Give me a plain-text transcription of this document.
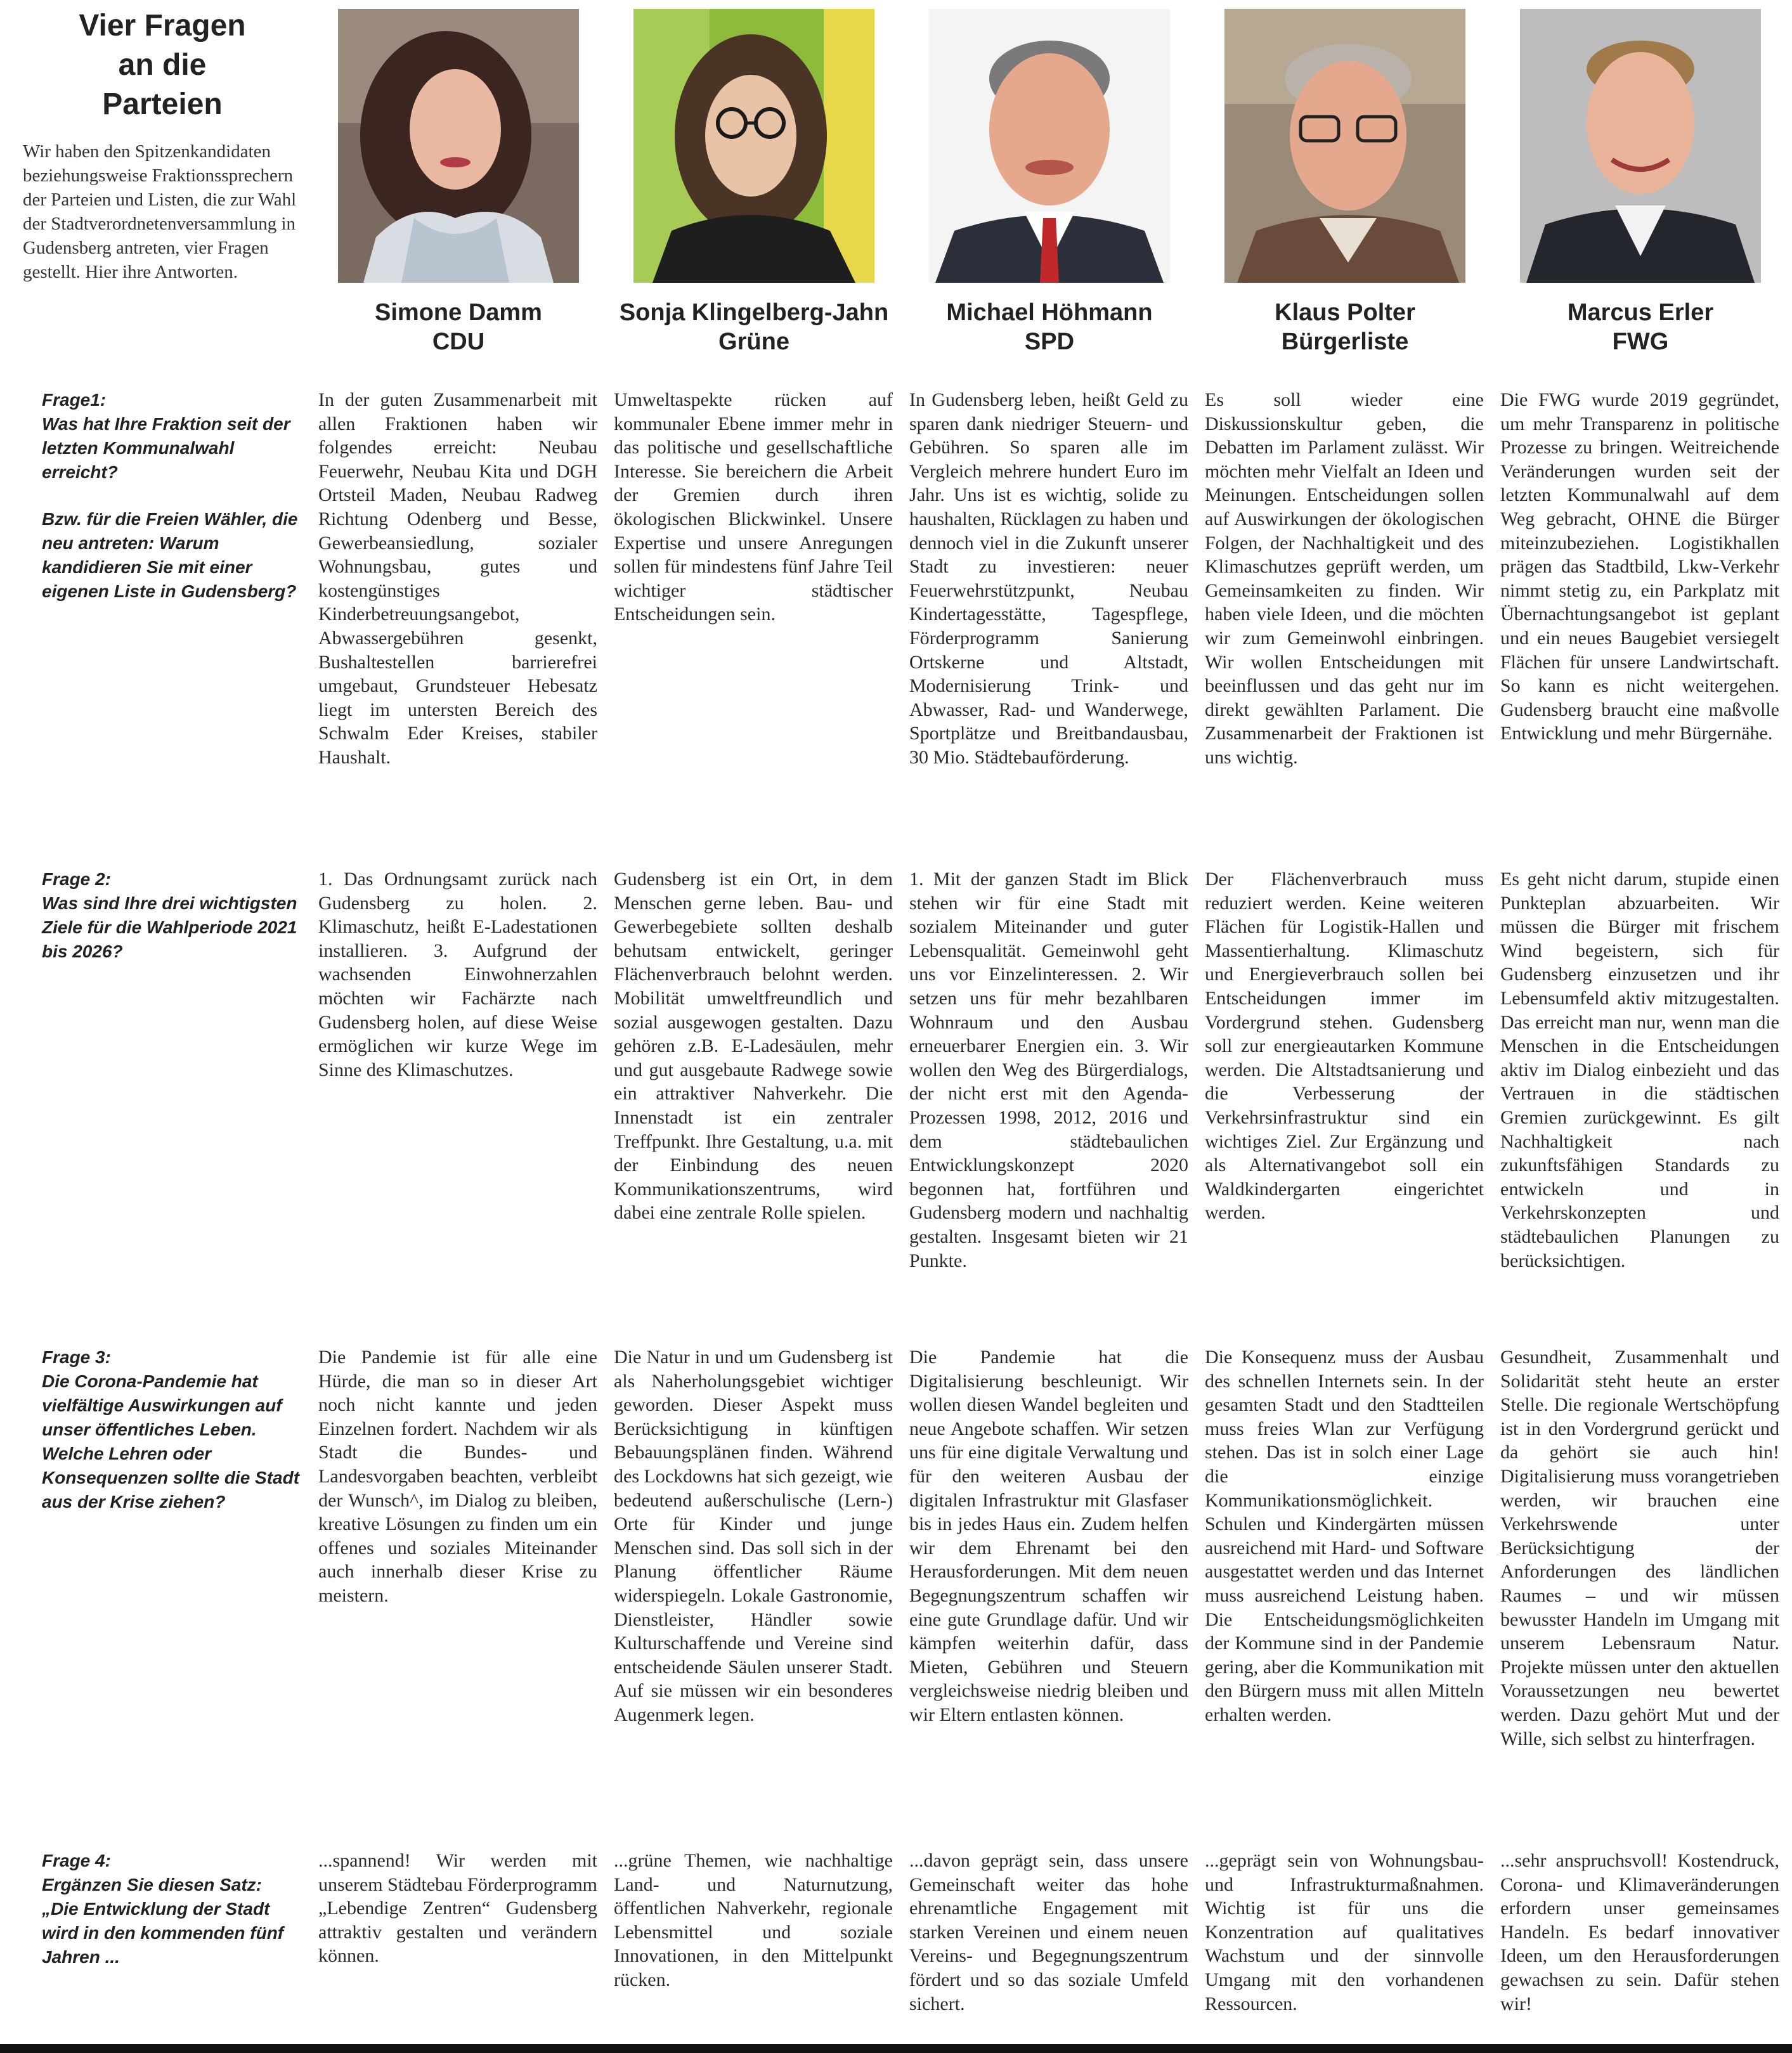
Vier Fragen
an die
Parteien

Wir haben den Spitzenkandidaten beziehungsweise Fraktionssprechern der Parteien und Listen, die zur Wahl der Stadtverordnetenversammlung in Gudensberg antreten, vier Fragen gestellt. Hier ihre Antworten.

Simone Damm
CDU
Sonja Klingelberg-Jahn
Grüne
Michael Höhmann
SPD
Klaus Polter
Bürgerliste
Marcus Erler
FWG
Frage1:
Was hat Ihre Fraktion seit der letzten Kommunalwahl erreicht?
Bzw. für die Freien Wähler, die neu antreten: Warum kandidieren Sie mit einer eigenen Liste in Gudensberg?
In der guten Zusammenarbeit mit allen Fraktionen haben wir folgendes erreicht: Neubau Feuerwehr, Neubau Kita und DGH Ortsteil Maden, Neubau Radweg Richtung Odenberg und Besse, Gewerbeansiedlung, sozialer Wohnungsbau, gutes und kostengünstiges Kinderbetreuungsangebot, Abwassergebühren gesenkt, Bushaltestellen barrierefrei umgebaut, Grundsteuer Hebesatz liegt im untersten Bereich des Schwalm Eder Kreises, stabiler Haushalt.
Umweltaspekte rücken auf kommunaler Ebene immer mehr in das politische und gesellschaftliche Interesse. Sie bereichern die Arbeit der Gremien durch ihren ökologischen Blickwinkel. Unsere Expertise und unsere Anregungen sollen für mindestens fünf Jahre Teil wichtiger städtischer Entscheidungen sein.
In Gudensberg leben, heißt Geld zu sparen dank niedriger Steuern- und Gebühren. So sparen alle im Vergleich mehrere hundert Euro im Jahr. Uns ist es wichtig, solide zu haushalten, Rücklagen zu haben und dennoch viel in die Zukunft unserer Stadt zu investieren: neuer Feuerwehrstützpunkt, Neubau Kindertagesstätte, Tagespflege, Förderprogramm Sanierung Ortskerne und Altstadt, Modernisierung Trink- und Abwasser, Rad- und Wanderwege, Sportplätze und Breitbandausbau, 30 Mio. Städtebauförderung.
Es soll wieder eine Diskussionskultur geben, die Debatten im Parlament zulässt. Wir möchten mehr Vielfalt an Ideen und Meinungen. Entscheidungen sollen auf Auswirkungen der ökologischen Folgen, der Nachhaltigkeit und des Klimaschutzes geprüft werden, um Gemeinsamkeiten zu finden. Wir haben viele Ideen, und die möchten wir zum Gemeinwohl einbringen. Wir wollen Entscheidungen mit beeinflussen und das geht nur im direkt gewählten Parlament. Die Zusammenarbeit der Fraktionen ist uns wichtig.
Die FWG wurde 2019 gegründet, um mehr Transparenz in politische Prozesse zu bringen. Weitreichende Veränderungen wurden seit der letzten Kommunalwahl auf dem Weg gebracht, OHNE die Bürger miteinzubeziehen. Logistikhallen prägen das Stadtbild, Lkw-Verkehr nimmt stetig zu, ein Parkplatz mit Übernachtungsangebot ist geplant und ein neues Baugebiet versiegelt Flächen für unsere Landwirtschaft. So kann es nicht weitergehen. Gudensberg braucht eine maßvolle Entwicklung und mehr Bürgernähe.
Frage 2:
Was sind Ihre drei wichtigsten Ziele für die Wahlperiode 2021 bis 2026?
1. Das Ordnungsamt zurück nach Gudensberg zu holen. 2. Klimaschutz, heißt E-Ladestationen installieren. 3. Aufgrund der wachsenden Einwohnerzahlen möchten wir Fachärzte nach Gudensberg holen, auf diese Weise ermöglichen wir kurze Wege im Sinne des Klimaschutzes.
Gudensberg ist ein Ort, in dem Menschen gerne leben. Bau- und Gewerbegebiete sollten deshalb behutsam entwickelt, geringer Flächenverbrauch belohnt werden. Mobilität umweltfreundlich und sozial ausgewogen gestalten. Dazu gehören z.B. E-Ladesäulen, mehr und gut ausgebaute Radwege sowie ein attraktiver Nahverkehr. Die Innenstadt ist ein zentraler Treffpunkt. Ihre Gestaltung, u.a. mit der Einbindung des neuen Kommunikationszentrums, wird dabei eine zentrale Rolle spielen.
1. Mit der ganzen Stadt im Blick stehen wir für eine Stadt mit sozialem Miteinander und guter Lebensqualität. Gemeinwohl geht uns vor Einzelinteressen. 2. Wir setzen uns für mehr bezahlbaren Wohnraum und den Ausbau erneuerbarer Energien ein. 3. Wir wollen den Weg des Bürgerdialogs, der nicht erst mit den Agenda-Prozessen 1998, 2012, 2016 und dem städtebaulichen Entwicklungskonzept 2020 begonnen hat, fortführen und Gudensberg modern und nachhaltig gestalten. Insgesamt bieten wir 21 Punkte.
Der Flächenverbrauch muss reduziert werden. Keine weiteren Flächen für Logistik-Hallen und Massentierhaltung. Klimaschutz und Energieverbrauch sollen bei Entscheidungen immer im Vordergrund stehen. Gudensberg soll zur energieautarken Kommune werden. Die Altstadtsanierung und die Verbesserung der Verkehrsinfrastruktur sind ein wichtiges Ziel. Zur Ergänzung und als Alternativangebot soll ein Waldkindergarten eingerichtet werden.
Es geht nicht darum, stupide einen Punkteplan abzuarbeiten. Wir müssen die Bürger mit frischem Wind begeistern, sich für Gudensberg einzusetzen und ihr Lebensumfeld aktiv mitzugestalten. Das erreicht man nur, wenn man die Menschen in die Entscheidungen aktiv im Dialog einbezieht und das Vertrauen in die städtischen Gremien zurückgewinnt. Es gilt Nachhaltigkeit nach zukunftsfähigen Standards zu entwickeln und in Verkehrskonzepten und städtebaulichen Planungen zu berücksichtigen.
Frage 3:
Die Corona-Pandemie hat vielfältige Auswirkungen auf unser öffentliches Leben. Welche Lehren oder Konsequenzen sollte die Stadt aus der Krise ziehen?
Die Pandemie ist für alle eine Hürde, die man so in dieser Art noch nicht kannte und jeden Einzelnen fordert. Nachdem wir als Stadt die Bundes- und Landesvorgaben beachten, verbleibt der Wunsch^, im Dialog zu bleiben, kreative Lösungen zu finden um ein offenes und soziales Miteinander auch innerhalb dieser Krise zu meistern.
Die Natur in und um Gudensberg ist als Naherholungsgebiet wichtiger geworden. Dieser Aspekt muss Berücksichtigung in künftigen Bebauungsplänen finden. Während des Lockdowns hat sich gezeigt, wie bedeutend außerschulische (Lern-) Orte für Kinder und junge Menschen sind. Das soll sich in der Planung öffentlicher Räume widerspiegeln. Lokale Gastronomie, Dienstleister, Händler sowie Kulturschaffende und Vereine sind entscheidende Säulen unserer Stadt. Auf sie müssen wir ein besonderes Augenmerk legen.
Die Pandemie hat die Digitalisierung beschleunigt. Wir wollen diesen Wandel begleiten und neue Angebote schaffen. Wir setzen uns für eine digitale Verwaltung und für den weiteren Ausbau der digitalen Infrastruktur mit Glasfaser bis in jedes Haus ein. Zudem helfen wir dem Ehrenamt bei den Herausforderungen. Mit dem neuen Begegnungszentrum schaffen wir eine gute Grundlage dafür. Und wir kämpfen weiterhin dafür, dass Mieten, Gebühren und Steuern vergleichsweise niedrig bleiben und wir Eltern entlasten können.
Die Konsequenz muss der Ausbau des schnellen Internets sein. In der gesamten Stadt und den Stadtteilen muss freies Wlan zur Verfügung stehen. Das ist in solch einer Lage die einzige Kommunikationsmöglichkeit. Schulen und Kindergärten müssen ausreichend mit Hard- und Software ausgestattet werden und das Internet muss ausreichend Leistung haben. Die Entscheidungsmöglichkeiten der Kommune sind in der Pandemie gering, aber die Kommunikation mit den Bürgern muss mit allen Mitteln erhalten werden.
Gesundheit, Zusammenhalt und Solidarität steht heute an erster Stelle. Die regionale Wertschöpfung ist in den Vordergrund gerückt und da gehört sie auch hin! Digitalisierung muss vorangetrieben werden, wir brauchen eine Verkehrswende unter Berücksichtigung der Anforderungen des ländlichen Raumes – und wir müssen bewusster Handeln im Umgang mit unserem Lebensraum Natur. Projekte müssen unter den aktuellen Voraussetzungen neu bewertet werden. Dazu gehört Mut und der Wille, sich selbst zu hinterfragen.
Frage 4:
Ergänzen Sie diesen Satz: „Die Entwicklung der Stadt wird in den kommenden fünf Jahren ...
...spannend! Wir werden mit unserem Städtebau Förderprogramm „Lebendige Zentren“ Gudensberg attraktiv gestalten und verändern können.
...grüne Themen, wie nachhaltige Land- und Naturnutzung, öffentlichen Nahverkehr, regionale Lebensmittel und soziale Innovationen, in den Mittelpunkt rücken.
...davon geprägt sein, dass unsere Gemeinschaft weiter das hohe ehrenamtliche Engagement mit starken Vereinen und einem neuen Vereins- und Begegnungszentrum fördert und so das soziale Umfeld sichert.
...geprägt sein von Wohnungsbau- und Infrastrukturmaßnahmen. Wichtig ist für uns die Konzentration auf qualitatives Wachstum und der sinnvolle Umgang mit den vorhandenen Ressourcen.
...sehr anspruchsvoll! Kostendruck, Corona- und Klimaveränderungen erfordern unser gemeinsames Handeln. Es bedarf innovativer Ideen, um den Herausforderungen gewachsen zu sein. Dafür stehen wir!
